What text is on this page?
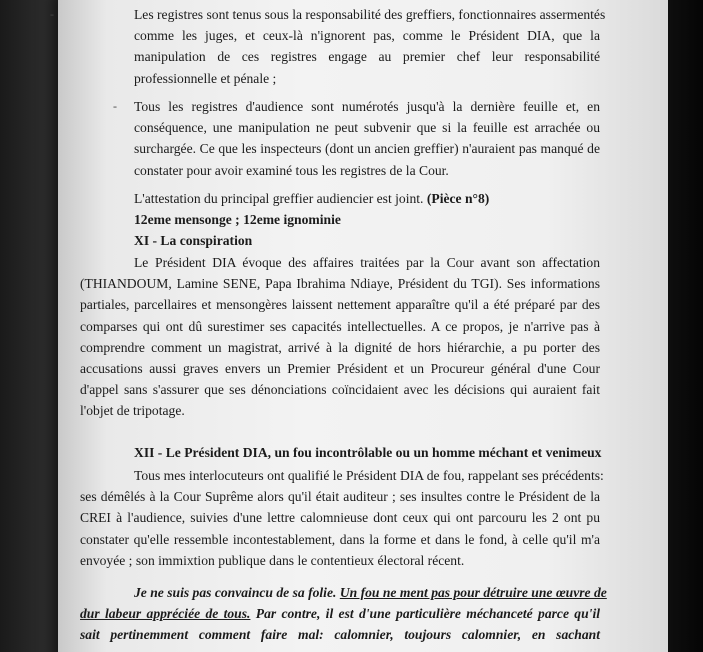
-	Les registres sont tenus sous la responsabilité des greffiers, fonctionnaires assermentés
comme les juges, et ceux-là n'ignorent pas, comme le Président DIA, que la
manipulation de ces registres engage au premier chef leur responsabilité
professionnelle et pénale ;
- Tous les registres d'audience sont numérotés jusqu'à la dernière feuille et, en
conséquence, une manipulation ne peut subvenir que si la feuille est arrachée ou
surchargée. Ce que les inspecteurs (dont un ancien greffier) n'auraient pas manqué de
constater pour avoir examiné tous les registres de la Cour.
L'attestation du principal greffier audiencier est joint. (Pièce n°8)
12eme mensonge ; 12eme ignominie
XI - La conspiration
Le Président DIA évoque des affaires traitées par la Cour avant son affectation
(THIANDOUM, Lamine SENE, Papa Ibrahima Ndiaye, Président du TGI). Ses informations
partiales, parcellaires et mensongères laissent nettement apparaître qu'il a été préparé par des
comparses qui ont dû surestimer ses capacités intellectuelles. A ce propos, je n'arrive pas à
comprendre comment un magistrat, arrivé à la dignité de hors hiérarchie, a pu porter des
accusations aussi graves envers un Premier Président et un Procureur général d'une Cour
d'appel sans s'assurer que ses dénonciations coïncidaient avec les décisions qui auraient fait
l'objet de tripotage.
XII - Le Président DIA, un fou incontrôlable ou un homme méchant et venimeux
Tous mes interlocuteurs ont qualifié le Président DIA de fou, rappelant ses précédents:
ses démêlés à la Cour Suprême alors qu'il était auditeur ; ses insultes contre le Président de la
CREI à l'audience, suivies d'une lettre calomnieuse dont ceux qui ont parcouru les 2 ont pu
constater qu'elle ressemble incontestablement, dans la forme et dans le fond, à celle qu'il m'a
envoyée ; son immixtion publique dans le contentieux électoral récent.
Je ne suis pas convaincu de sa folie. Un fou ne ment pas pour détruire une œuvre de
dur labeur appréciée de tous. Par contre, il est d'une particulière méchanceté parce qu'il
sait pertinemment comment faire mal: calomnier, toujours calomnier, en sachant
